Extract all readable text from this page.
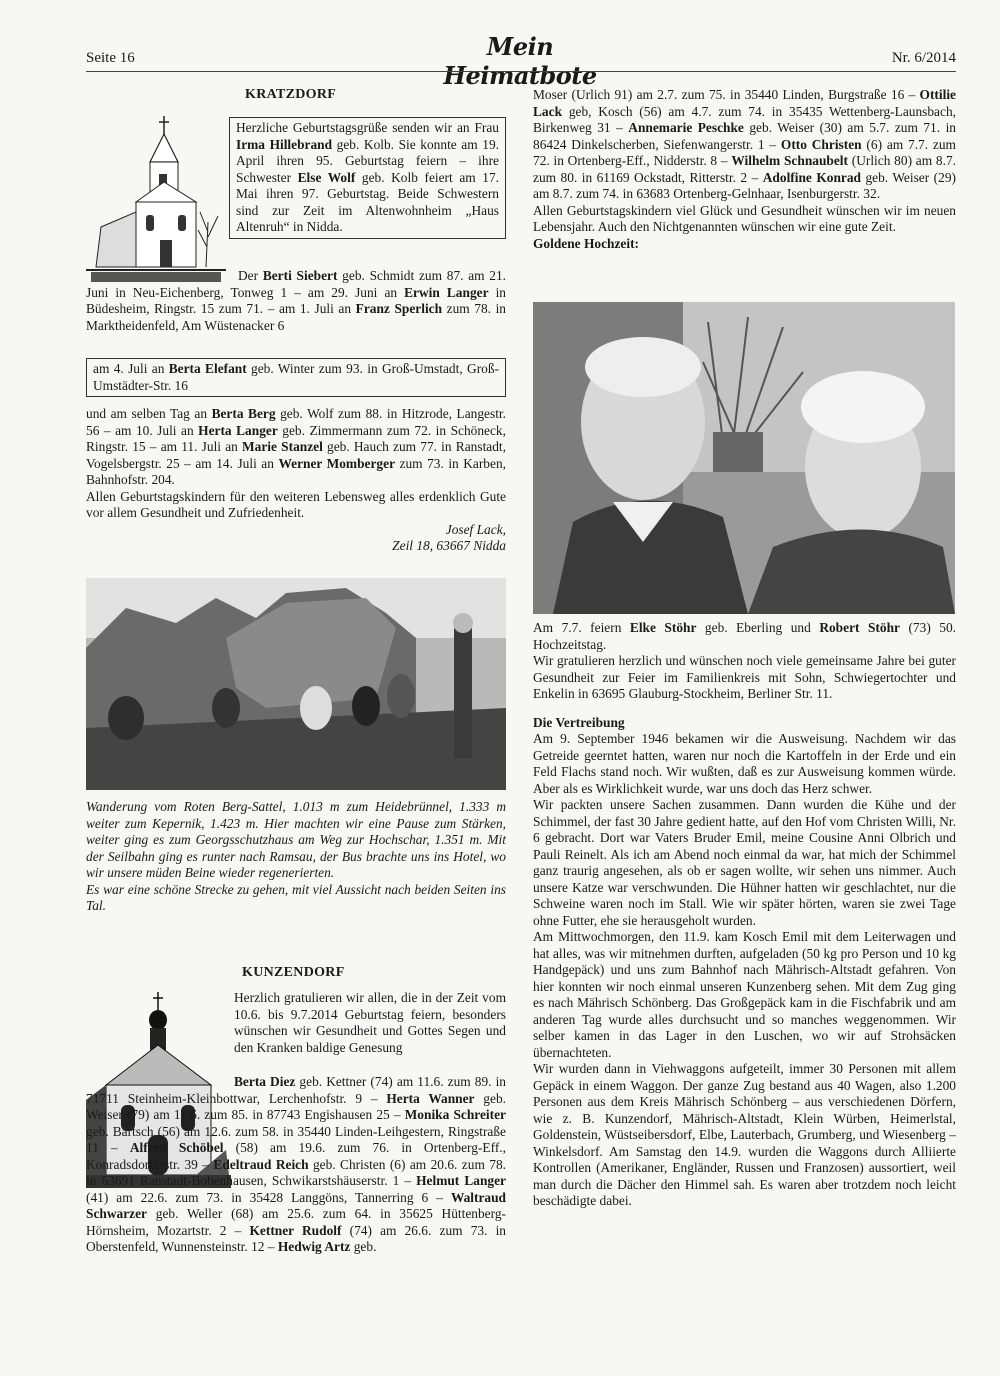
Seite 16	Mein Heimatbote
Nr. 6/2014
KRATZDORF
Herzliche Geburtstagsgrüße senden wir an Frau Irma Hillebrand geb. Kolb. Sie konnte am 19. April ihren 95. Geburtstag feiern – ihre Schwester Else Wolf geb. Kolb feiert am 17. Mai ihren 97. Geburtstag. Beide Schwestern sind zur Zeit im Altenwohnheim „Haus Altenruh“ in Nidda.

Der Berti Siebert geb. Schmidt zum 87. am 21. Juni in Neu-Eichenberg, Tonweg 1 – am 29. Juni an Erwin Langer in Büdesheim, Ringstr. 15 zum 71. – am 1. Juli an Franz Sperlich zum 78. in Marktheidenfeld, Am Wüstenacker 6

am 4. Juli an Berta Elefant geb. Winter zum 93. in Groß-Umstadt, Groß-Umstädter-Str. 16

und am selben Tag an Berta Berg geb. Wolf zum 88. in Hitzrode, Langestr. 56 – am 10. Juli an Herta Langer geb. Zimmermann zum 72. in Schöneck, Ringstr. 15 – am 11. Juli an Marie Stanzel geb. Hauch zum 77. in Ranstadt, Vogelsbergstr. 25 – am 14. Juli an Werner Momberger zum 73. in Karben, Bahnhofstr. 204.

Allen Geburtstagskindern für den weiteren Lebensweg alles erdenklich Gute vor allem Gesundheit und Zufriedenheit.

Josef Lack,

Zeil 18, 63667 Nidda

Wanderung vom Roten Berg-Sattel, 1.013 m zum Heidebrünnel, 1.333 m weiter zum Kepernik, 1.423 m. Hier machten wir eine Pause zum Stärken, weiter ging es zum Georgsschutzhaus am Weg zur Hochschar, 1.351 m. Mit der Seilbahn ging es runter nach Ramsau, der Bus brachte uns ins Hotel, wo wir unsere müden Beine wieder regenerierten.

Es war eine schöne Strecke zu gehen, mit viel Aussicht nach beiden Seiten ins Tal.

KUNZENDORF

Herzlich gratulieren wir allen, die in der Zeit vom 10.6. bis 9.7.2014 Geburtstag feiern, besonders wünschen wir Gesundheit und Gottes Segen und den Kranken baldige Genesung

Berta Diez geb. Kettner (74) am 11.6. zum 89. in 71711 Steinheim-Kleinbottwar, Lerchenhofstr. 9 – Herta Wanner geb. Weiser (79) am 11.6. zum 85. in 87743 Engishausen 25 – Monika Schreiter geb. Bartsch (56) am 12.6. zum 58. in 35440 Linden-Leihgestern, Ringstraße 11 – Alfred Schöbel (58) am 19.6. zum 76. in Ortenberg-Eff., Konradsdorferstr. 39 – Edeltraud Reich geb. Christen (6) am 20.6. zum 78. in 63691 Ranstadt-Bobenhausen, Schwikarstshäuserstr. 1 – Helmut Langer (41) am 22.6. zum 73. in 35428 Langgöns, Tannerring 6 – Waltraud Schwarzer geb. Weller (68) am 25.6. zum 64. in 35625 Hüttenberg-Hörnsheim, Mozartstr. 2 – Kettner Rudolf (74) am 26.6. zum 73. in Oberstenfeld, Wunnensteinstr. 12 – Hedwig Artz geb.

Moser (Urlich 91) am 2.7. zum 75. in 35440 Linden, Burgstraße 16 – Ottilie Lack geb, Kosch (56) am 4.7. zum 74. in 35435 Wettenberg-Launsbach, Birkenweg 31 – Annemarie Peschke geb. Weiser (30) am 5.7. zum 71. in 86424 Dinkelscherben, Siefenwangerstr. 1 – Otto Christen (6) am 7.7. zum 72. in Ortenberg-Eff., Nidderstr. 8 – Wilhelm Schnaubelt (Urlich 80) am 8.7. zum 80. in 61169 Ockstadt, Ritterstr. 2 – Adolfine Konrad geb. Weiser (29) am 8.7. zum 74. in 63683 Ortenberg-Gelnhaar, Isenburgerstr. 32.

Allen Geburtstagskindern viel Glück und Gesundheit wünschen wir im neuen Lebensjahr. Auch den Nichtgenannten wünschen wir eine gute Zeit.

Goldene Hochzeit:

Am 7.7. feiern Elke Stöhr geb. Eberling und Robert Stöhr (73) 50. Hochzeitstag.

Wir gratulieren herzlich und wünschen noch viele gemeinsame Jahre bei guter Gesundheit zur Feier im Familienkreis mit Sohn, Schwiegertochter und Enkelin in 63695 Glauburg-Stockheim, Berliner Str. 11.

Die Vertreibung

Am 9. September 1946 bekamen wir die Ausweisung. Nachdem wir das Getreide geerntet hatten, waren nur noch die Kartoffeln in der Erde und ein Feld Flachs stand noch. Wir wußten, daß es zur Ausweisung kommen würde. Aber als es Wirklichkeit wurde, war uns doch das Herz schwer.

Wir packten unsere Sachen zusammen. Dann wurden die Kühe und der Schimmel, der fast 30 Jahre gedient hatte, auf den Hof vom Christen Willi, Nr. 6 gebracht. Dort war Vaters Bruder Emil, meine Cousine Anni Olbrich und Pauli Reinelt. Als ich am Abend noch einmal da war, hat mich der Schimmel ganz traurig angesehen, als ob er sagen wollte, wir sehen uns nimmer. Auch unsere Katze war verschwunden. Die Hühner hatten wir geschlachtet, nur die Schweine waren noch im Stall. Wie wir später hörten, waren sie zwei Tage ohne Futter, ehe sie herausgeholt wurden.

Am Mittwochmorgen, den 11.9. kam Kosch Emil mit dem Leiterwagen und hat alles, was wir mitnehmen durften, aufgeladen (50 kg pro Person und 10 kg Handgepäck) und uns zum Bahnhof nach Mährisch-Altstadt gefahren. Von hier konnten wir noch einmal unseren Kunzenberg sehen. Mit dem Zug ging es nach Mährisch Schönberg. Das Großgepäck kam in die Fischfabrik und am anderen Tag wurde alles durchsucht und so manches weggenommen. Wir selber kamen in das Lager in den Luschen, wo wir auf Strohsäcken übernachteten.

Wir wurden dann in Viehwaggons aufgeteilt, immer 30 Personen mit allem Gepäck in einem Waggon. Der ganze Zug bestand aus 40 Wagen, also 1.200 Personen aus dem Kreis Mährisch Schönberg – aus verschiedenen Dörfern, wie z. B. Kunzendorf, Mährisch-Altstadt, Klein Würben, Heimerlstal, Goldenstein, Wüstseibersdorf, Elbe, Lauterbach, Grumberg, und Wiesenberg – Winkelsdorf. Am Samstag den 14.9. wurden die Waggons durch Alliierte Kontrollen (Amerikaner, Engländer, Russen und Franzosen) aussortiert, weil man durch die Dächer den Himmel sah. Es waren aber trotzdem noch leicht beschädigte dabei.
